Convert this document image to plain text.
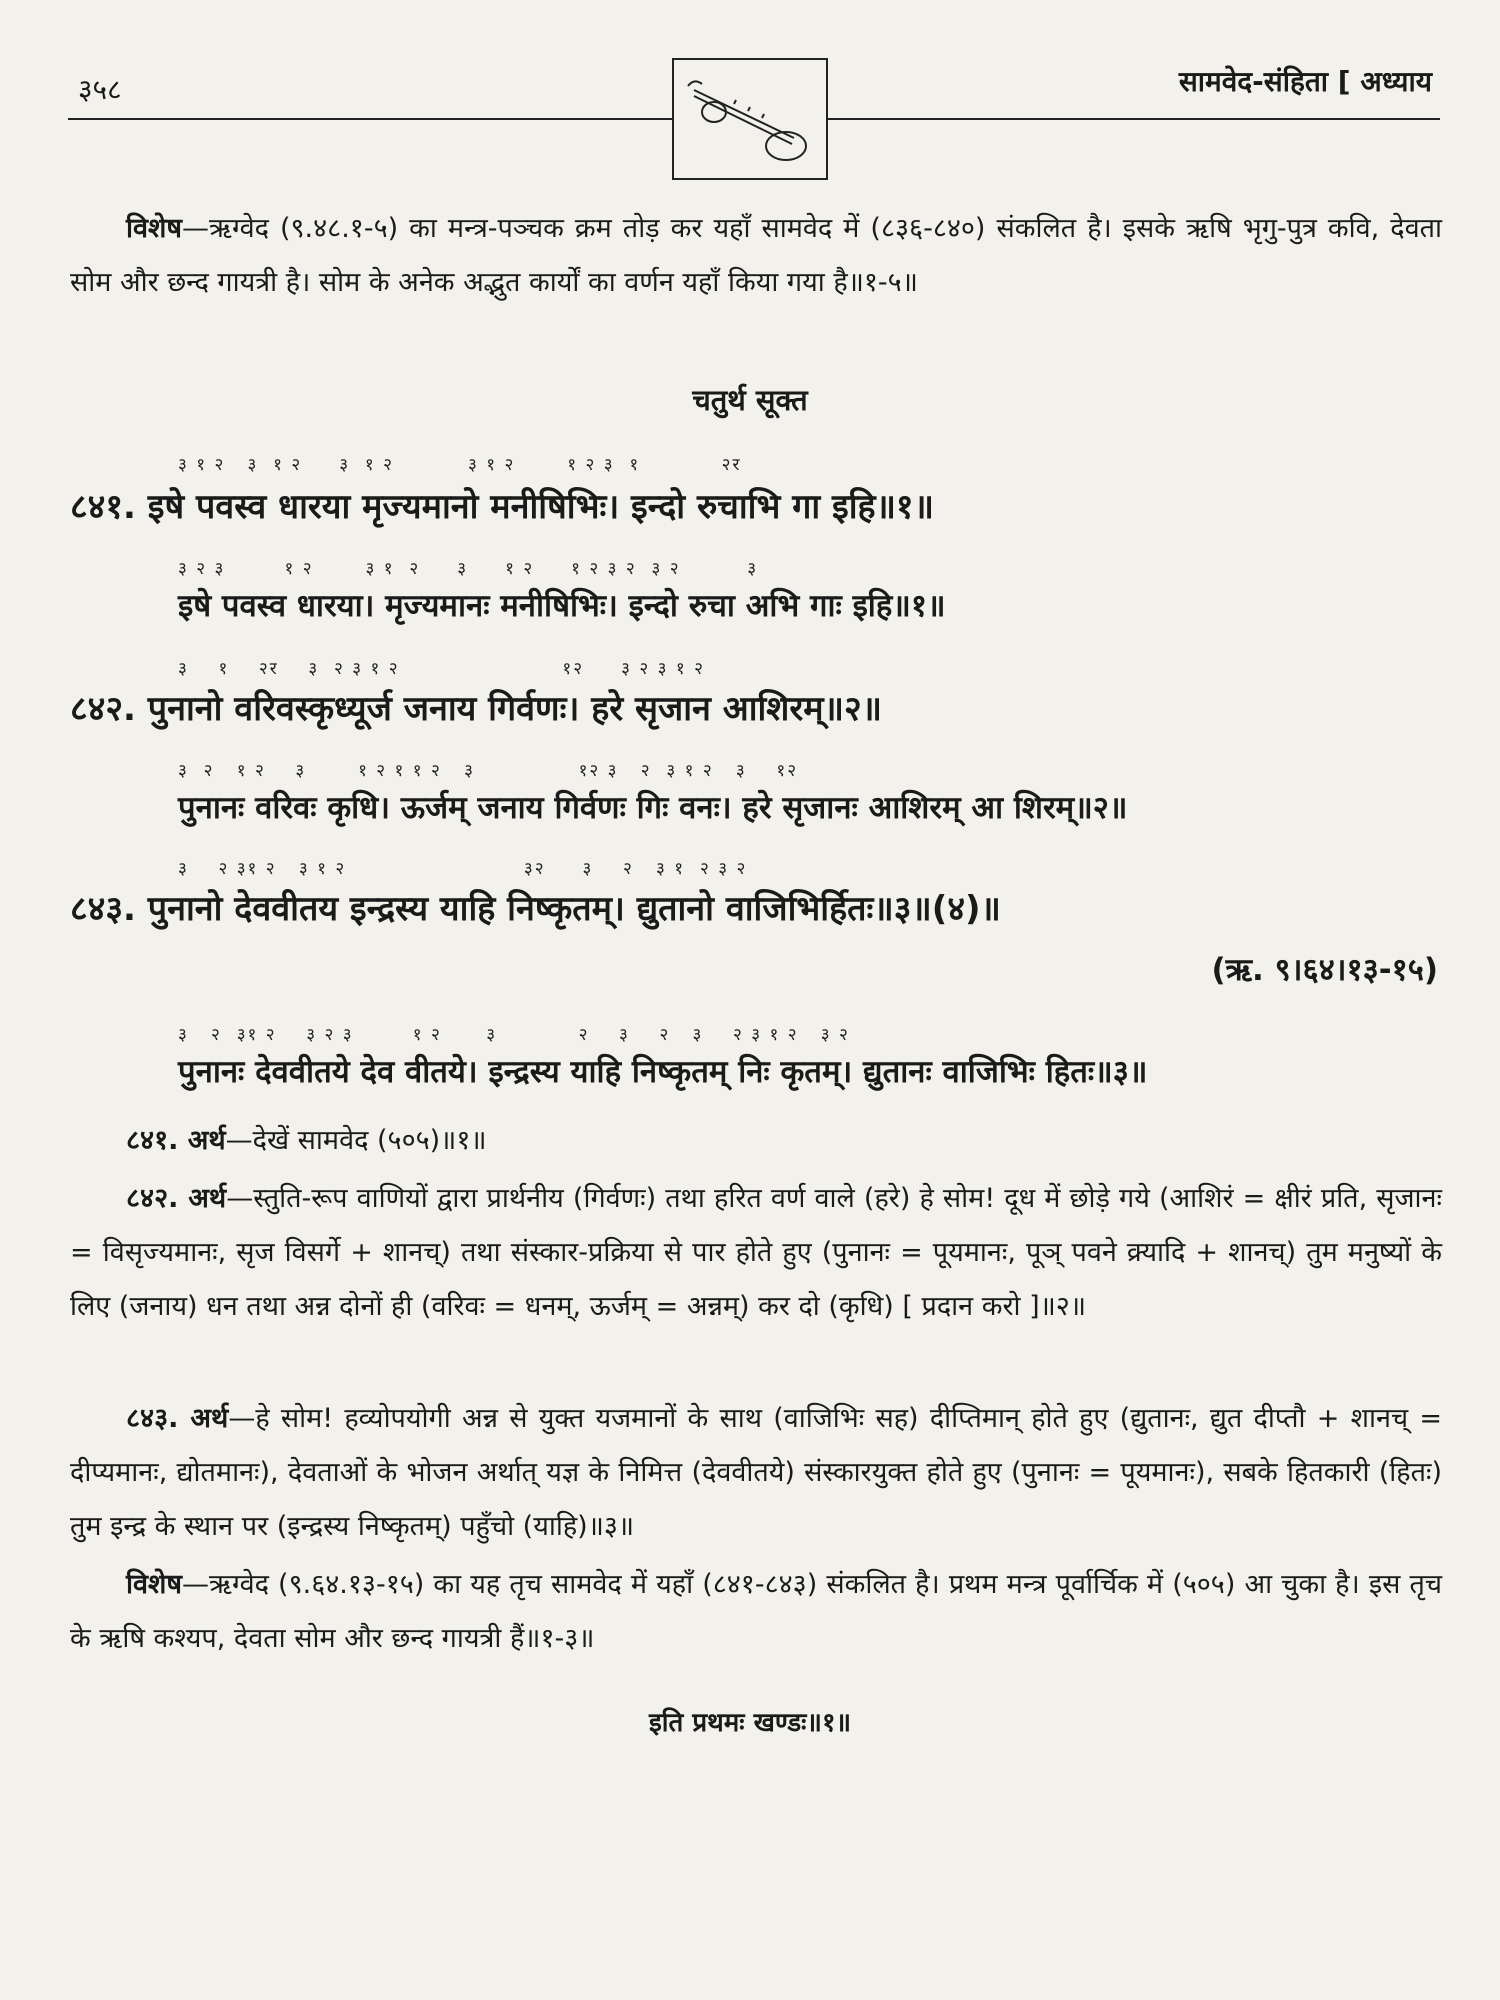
३५८	सामवेद-संहिता [ अध्याय
विशेष—ऋग्वेद (९.४८.१-५) का मन्त्र-पञ्चक क्रम तोड़ कर यहाँ सामवेद में (८३६-८४०) संकलित है। इसके ऋषि भृगु-पुत्र कवि, देवता सोम और छन्द गायत्री है। सोम के अनेक अद्भुत कार्यों का वर्णन यहाँ किया गया है॥१-५॥
चतुर्थ सूक्त
३ १ २   ३  १ २     ३  १ २          ३ १ २       १ २ ३  १           २र
८४१. इषे पवस्व धारया मृज्यमानो मनीषिभिः। इन्दो रुचाभि गा इहि॥१॥
३ २ ३        १ २       ३ १  २     ३     १ २     १ २ ३ २  ३ २         ३
इषे पवस्व धारया। मृज्यमानः मनीषिभिः। इन्दो रुचा अभि गाः इहि॥१॥
३    १    २र    ३  २ ३ १ २                      १२     ३ २ ३ १ २
८४२. पुनानो वरिवस्कृध्यूर्ज जनाय गिर्वणः। हरे सृजान आशिरम्॥२॥
३  २   १ २    ३       १ २ १ १ २   ३              १२ ३   २  ३ १ २   ३    १२
पुनानः वरिवः कृधि। ऊर्जम् जनाय गिर्वणः गिः वनः। हरे सृजानः आशिरम् आ शिरम्॥२॥
३    २ ३१ २   ३ १ २                        ३२     ३    २   ३ १  २ ३ २
८४३. पुनानो देववीतय इन्द्रस्य याहि निष्कृतम्। द्युतानो वाजिभिर्हितः॥३॥(४)॥
(ऋ. ९।६४।१३-१५)
३   २  ३१ २    ३ २ ३        १ २      ३           २    ३    २   ३    २ ३ १ २   ३ २
पुनानः देववीतये देव वीतये। इन्द्रस्य याहि निष्कृतम् निः कृतम्। द्युतानः वाजिभिः हितः॥३॥
८४१. अर्थ—देखें सामवेद (५०५)॥१॥
८४२. अर्थ—स्तुति-रूप वाणियों द्वारा प्रार्थनीय (गिर्वणः) तथा हरित वर्ण वाले (हरे) हे सोम! दूध में छोड़े गये (आशिरं = क्षीरं प्रति, सृजानः = विसृज्यमानः, सृज विसर्गे + शानच्) तथा संस्कार-प्रक्रिया से पार होते हुए (पुनानः = पूयमानः, पूञ् पवने क्र्यादि + शानच्) तुम मनुष्यों के लिए (जनाय) धन तथा अन्न दोनों ही (वरिवः = धनम्, ऊर्जम् = अन्नम्) कर दो (कृधि) [ प्रदान करो ]॥२॥
८४३. अर्थ—हे सोम! हव्योपयोगी अन्न से युक्त यजमानों के साथ (वाजिभिः सह) दीप्तिमान् होते हुए (द्युतानः, द्युत दीप्तौ + शानच् = दीप्यमानः, द्योतमानः), देवताओं के भोजन अर्थात् यज्ञ के निमित्त (देववीतये) संस्कारयुक्त होते हुए (पुनानः = पूयमानः), सबके हितकारी (हितः) तुम इन्द्र के स्थान पर (इन्द्रस्य निष्कृतम्) पहुँचो (याहि)॥३॥
विशेष—ऋग्वेद (९.६४.१३-१५) का यह तृच सामवेद में यहाँ (८४१-८४३) संकलित है। प्रथम मन्त्र पूर्वार्चिक में (५०५) आ चुका है। इस तृच के ऋषि कश्यप, देवता सोम और छन्द गायत्री हैं॥१-३॥
इति प्रथमः खण्डः॥१॥
